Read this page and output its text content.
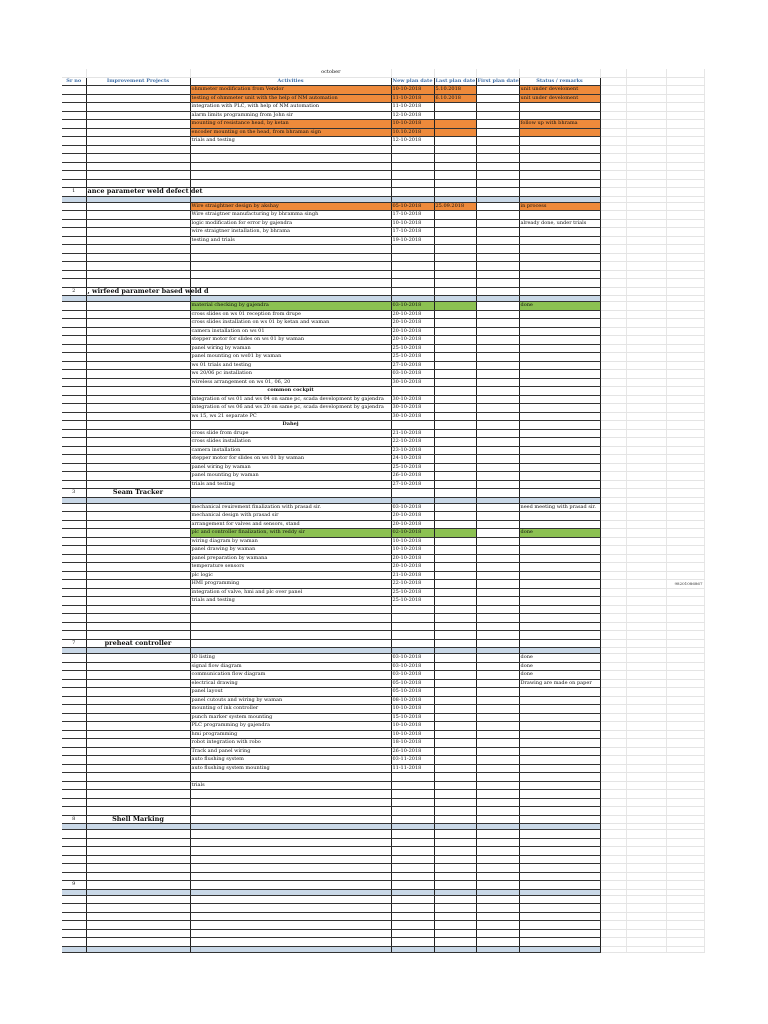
		october							
Sr no	Improvement Projects	Activities	New plan date	Last plan date	First plan date	Status / remarks			
		ohmmeter modification from Vendor	10-10-2018	5.10.2018		unit under develoment			
		testing of ohmmeter unit with the help of NM automation	11-10-2018	6.10.2018		unit under develoment			
		integration with PLC, with help of NM automation	11-10-2018						
		alarm limits programming from John sir	12-10-2018						
		mounting of resistance head, by ketan	10-10-2018			follow up with bhrama			
		encoder mounting on the head, from bhraman sign	10.10.2018						
		trials and testing	12-10-2018						

1	ance parameter weld defect det								

		Wire straightner design by akshay	05-10-2018	25.09.2018		in process			
		Wire straigtner manufacturing by bhramma singh	17-10-2018						
		logic modification for error by gajendra	10-10-2018			already done, under trials			
		wire straigtner installation, by bhrama	17-10-2018						
		testing and trials	19-10-2018						

2	, wirfeed parameter based weld d								

		material checking by gajendra	03-10-2018			done			
		cross slides on ws 01 reception from drupe	20-10-2018						
		cross slides installation on ws 01 by ketan and waman	20-10-2018						
		camera installation on ws 01	20-10-2018						
		stepper motor for slides on ws 01 by waman	20-10-2018						
		panel wiring by waman	25-10-2018						
		panel mounting on ws01 by waman	25-10-2018						
		ws 01 trials and testing	27-10-2018						
		ws 20/06 pc installation	03-10-2018						
		wireless arrangement on ws 01, 06, 20	30-10-2018						
		common cockpit							
		integration of ws 01 and ws 04 on same pc, scada development by gajendra	30-10-2018						
		integration of ws 06 and ws 20 on same pc, scada development by gajendra	30-10-2018						
		ws 15, ws 21 separate PC	30-10-2018						
		Dahej							
		cross slide from drupe	21-10-2018						
		cross slides installation	22-10-2018						
		camera installation	23-10-2018						
		stepper motor for slides on ws 01 by waman	24-10-2018						
		panel wiring by waman	25-10-2018						
		panel mounting by waman	26-10-2018						
		trials and testing	27-10-2018						
3	Seam Tracker								

		mechanical reuirement finalization with prasad sir.	03-10-2018			need meeting with prasad sir.			
		mechanical design with prasad sir	20-10-2018						
		arrangement for valves and sensors, stand	20-10-2018						
		plc and controller finalization, with reddy sir	02-10-2018			done			
		wiring diagram by waman	10-10-2018						
		panel drawing by waman	10-10-2018						
		panel preparation by wamana	20-10-2018						
		temperature sensors	20-10-2018						
		plc logic	21-10-2018						
		HMI programming	22-10-2018						98201086867
		integration of valve, hmi and plc over panel	25-10-2018						
		trials and testing	25-10-2018						

7	preheat controller								

		IO listing	03-10-2018			done			
		signal flow diagram	03-10-2018			done			
		communication flow diagram	03-10-2018			done			
		electrical drawing	05-10-2018			Drawing are made on paper			
		panel layout	05-10-2018						
		panel cutouts and wiring by waman	08-10-2018						
		mounting of ink controller	10-10-2018						
		punch marker system mounting	15-10-2018						
		PLC programming by gajendra	10-10-2018						
		hmi programming	10-10-2018						
		robot integration with robo	18-10-2018						
		Track and panel wiring	26-10-2018						
		auto flushing system	03-11-2018						
		auto flushing system mounting	11-11-2018						

		trials							

8	Shell Marking								

9									
